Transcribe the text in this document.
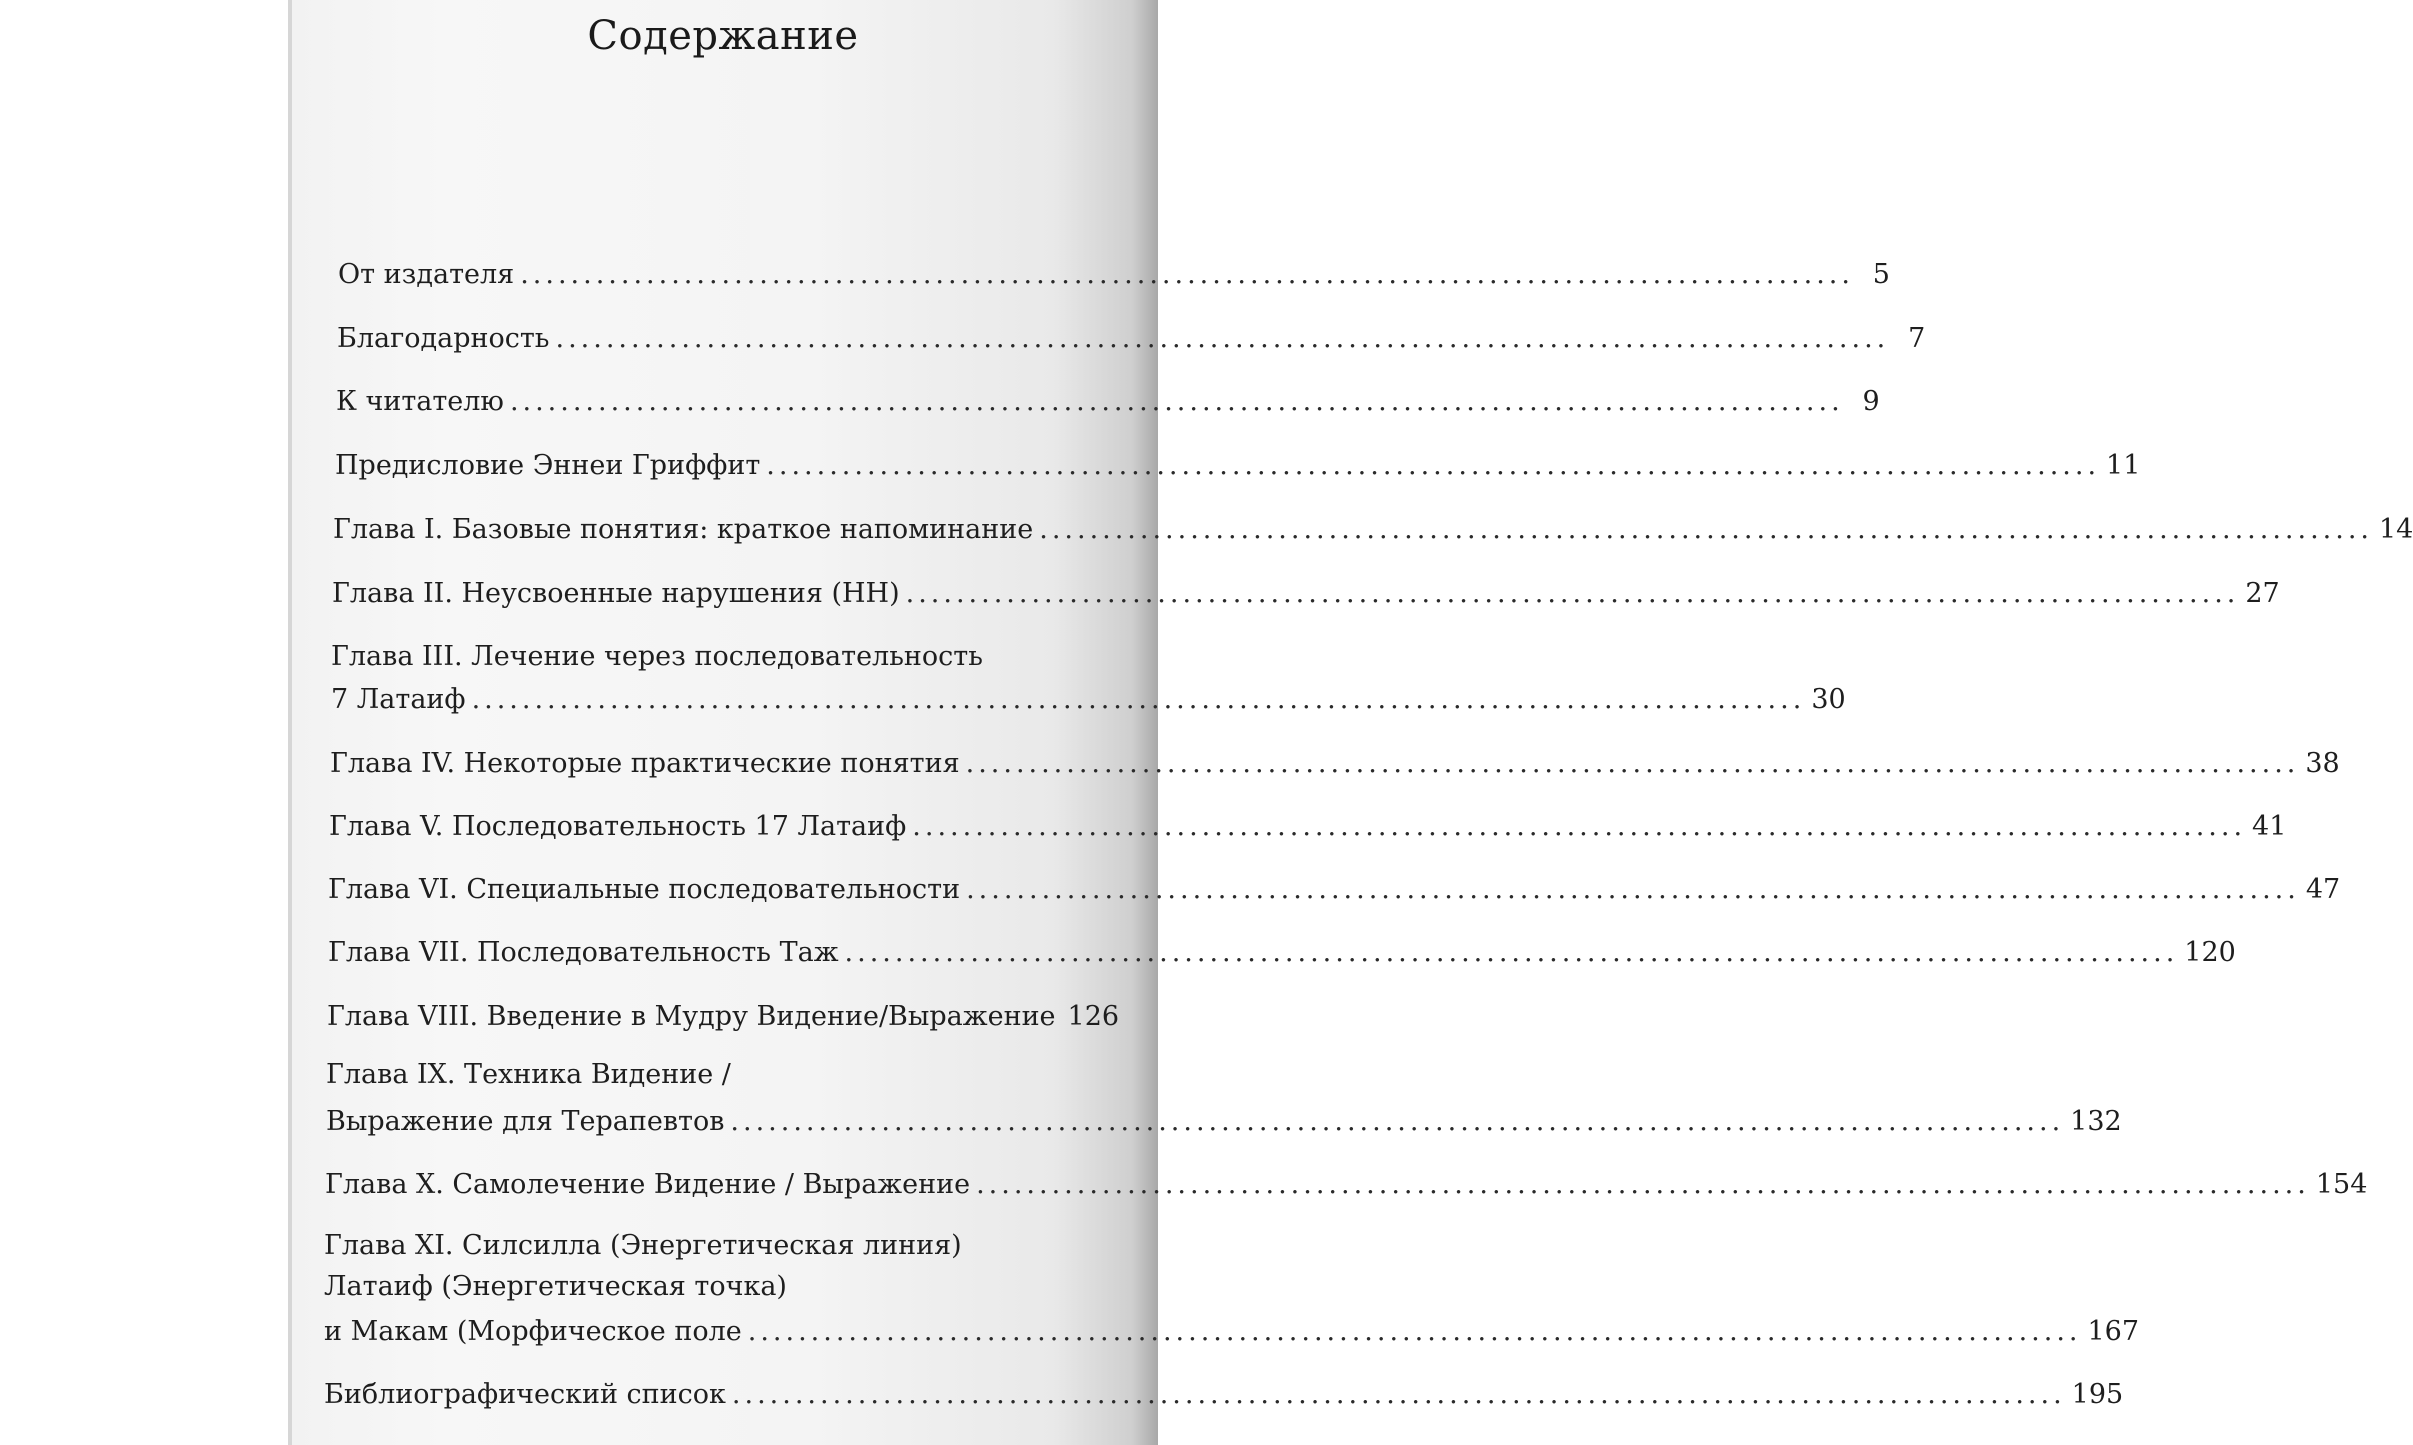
Содержание
От издателя .......................................................................................................... 5
Благодарность .......................................................................................................... 7
К читателю .......................................................................................................... 9
Предисловие Эннеи Гриффит .......................................................................................................... 11
Глава I. Базовые понятия: краткое напоминание .......................................................................................................... 14
Глава II. Неусвоенные нарушения (НН) .......................................................................................................... 27
Глава III. Лечение через последовательность
7 Латаиф .......................................................................................................... 30
Глава IV. Некоторые практические понятия .......................................................................................................... 38
Глава V. Последовательность 17 Латаиф .......................................................................................................... 41
Глава VI. Специальные последовательности .......................................................................................................... 47
Глава VII. Последовательность Таж .......................................................................................................... 120
Глава VIII. Введение в Мудру Видение/Выражение 126
Глава IX. Техника Видение /
Выражение для Терапевтов .......................................................................................................... 132
Глава X. Самолечение Видение / Выражение .......................................................................................................... 154
Глава XI. Силсилла (Энергетическая линия)
Латаиф (Энергетическая точка)
и Макам (Морфическое поле .......................................................................................................... 167
Библиографический список .......................................................................................................... 195
